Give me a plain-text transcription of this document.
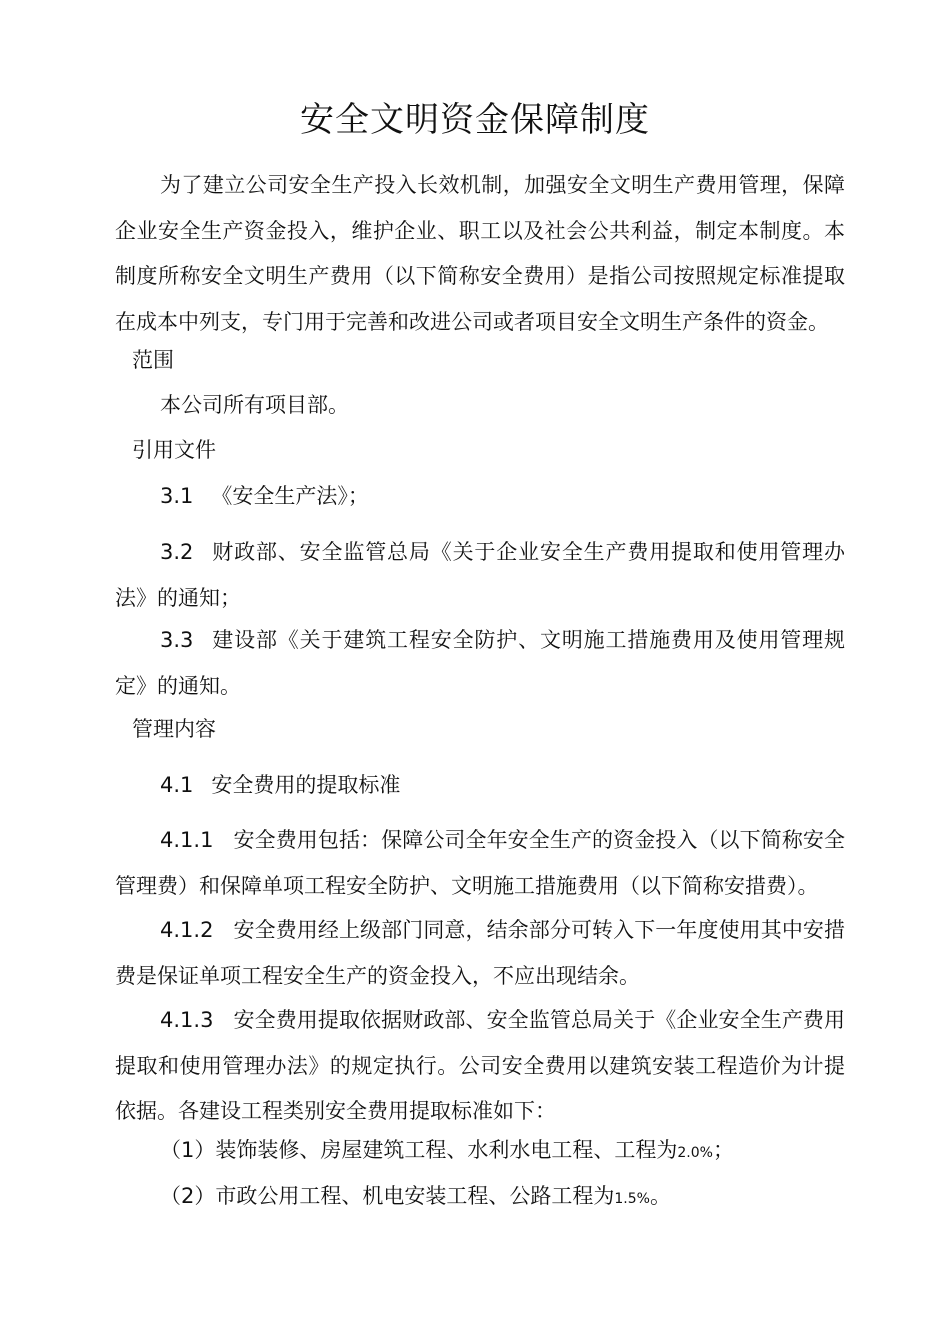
安全文明资金保障制度

为了建立公司安全生产投入长效机制，加强安全文明生产费用管理，保障企业安全生产资金投入，维护企业、职工以及社会公共利益，制定本制度。本制度所称安全文明生产费用（以下简称安全费用）是指公司按照规定标准提取在成本中列支，专门用于完善和改进公司或者项目安全文明生产条件的资金。

范围
本公司所有项目部。
引用文件
3.1 《安全生产法》；

3.2 财政部、安全监管总局《关于企业安全生产费用提取和使用管理办法》的通知；

3.3 建设部《关于建筑工程安全防护、文明施工措施费用及使用管理规定》的通知。

管理内容
4.1 安全费用的提取标准

4.1.1 安全费用包括：保障公司全年安全生产的资金投入（以下简称安全管理费）和保障单项工程安全防护、文明施工措施费用（以下简称安措费）。

4.1.2 安全费用经上级部门同意，结余部分可转入下一年度使用其中安措费是保证单项工程安全生产的资金投入，不应出现结余。

4.1.3 安全费用提取依据财政部、安全监管总局关于《企业安全生产费用提取和使用管理办法》的规定执行。公司安全费用以建筑安装工程造价为计提依据。各建设工程类别安全费用提取标准如下：

（1）装饰装修、房屋建筑工程、水利水电工程、工程为2.0%；
（2）市政公用工程、机电安装工程、公路工程为1.5%。
